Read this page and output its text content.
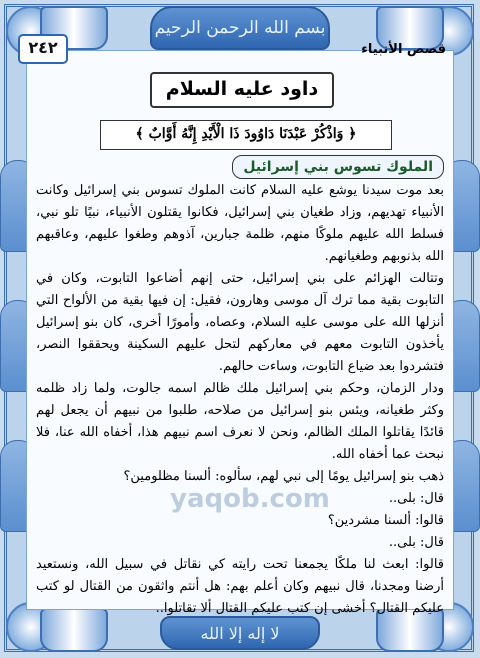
بسم الله الرحمن الرحيم
٢٤٢	قصص الأنبياء
داود عليه السلام
﴿ وَاذْكُرْ عَبْدَنَا دَاوُودَ ذَا الْأَيْدِ إِنَّهُ أَوَّابٌ ﴾
الملوك تسوس بني إسرائيل
yaqob.com

بعد موت سيدنا يوشع عليه السلام كانت الملوك تسوس بني إسرائيل وكانت الأنبياء تهديهم، وزاد طغيان بني إسرائيل، فكانوا يقتلون الأنبياء، نبيًا تلو نبي، فسلط الله عليهم ملوكًا منهم، ظلمة جبارين، آذوهم وطغوا عليهم، وعاقبهم الله بذنوبهم وطغيانهم.

وتتالت الهزائم على بني إسرائيل، حتى إنهم أضاعوا التابوت، وكان في التابوت بقية مما ترك آل موسى وهارون، فقيل: إن فيها بقية من الألواح التي أنزلها الله على موسى عليه السلام، وعصاه، وأمورًا أخرى، كان بنو إسرائيل يأخذون التابوت معهم في معاركهم لتحل عليهم السكينة ويحققوا النصر، فتشردوا بعد ضياع التابوت، وساءت حالهم.

ودار الزمان، وحكم بني إسرائيل ملك ظالم اسمه جالوت، ولما زاد ظلمه وكثر طغيانه، ويئس بنو إسرائيل من صلاحه، طلبوا من نبيهم أن يجعل لهم قائدًا يقاتلوا الملك الظالم، ونحن لا نعرف اسم نبيهم هذا، أخفاه الله عنا، فلا نبحث عما أخفاه الله.

ذهب بنو إسرائيل يومًا إلى نبي لهم، سألوه: ألسنا مظلومين؟

قال: بلى..

قالوا: ألسنا مشردين؟

قال: بلى..

قالوا: ابعث لنا ملكًا يجمعنا تحت رايته كي نقاتل في سبيل الله، ونستعيد أرضنا ومجدنا، قال نبيهم وكان أعلم بهم: هل أنتم واثقون من القتال لو كتب عليكم القتال؟ أخشى إن كتب عليكم القتال ألا تقاتلوا..

لا إله إلا الله
